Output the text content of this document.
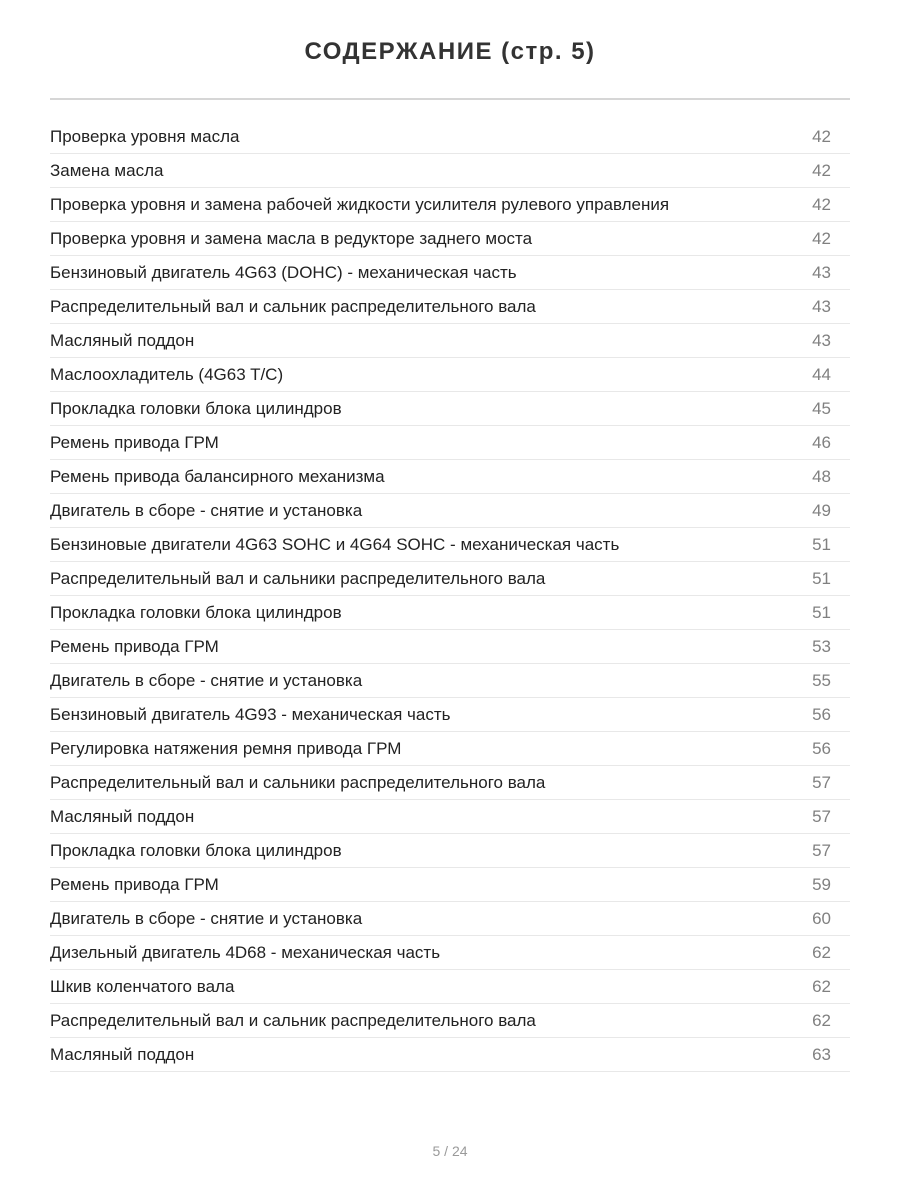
СОДЕРЖАНИЕ (стр. 5)
Проверка уровня масла	42
Замена масла	42
Проверка уровня и замена рабочей жидкости усилителя рулевого управления	42
Проверка уровня и замена масла в редукторе заднего моста	42
Бензиновый двигатель 4G63 (DOHC) - механическая часть	43
Распределительный вал и сальник распределительного вала	43
Масляный поддон	43
Маслоохладитель (4G63 T/C)	44
Прокладка головки блока цилиндров	45
Ремень привода ГРМ	46
Ремень привода балансирного механизма	48
Двигатель в сборе - снятие и установка	49
Бензиновые двигатели 4G63 SOHC и 4G64 SOHC - механическая часть	51
Распределительный вал и сальники распределительного вала	51
Прокладка головки блока цилиндров	51
Ремень привода ГРМ	53
Двигатель в сборе - снятие и установка	55
Бензиновый двигатель 4G93 - механическая часть	56
Регулировка натяжения ремня привода ГРМ	56
Распределительный вал и сальники распределительного вала	57
Масляный поддон	57
Прокладка головки блока цилиндров	57
Ремень привода ГРМ	59
Двигатель в сборе - снятие и установка	60
Дизельный двигатель 4D68 - механическая часть	62
Шкив коленчатого вала	62
Распределительный вал и сальник распределительного вала	62
Масляный поддон	63
5 / 24
